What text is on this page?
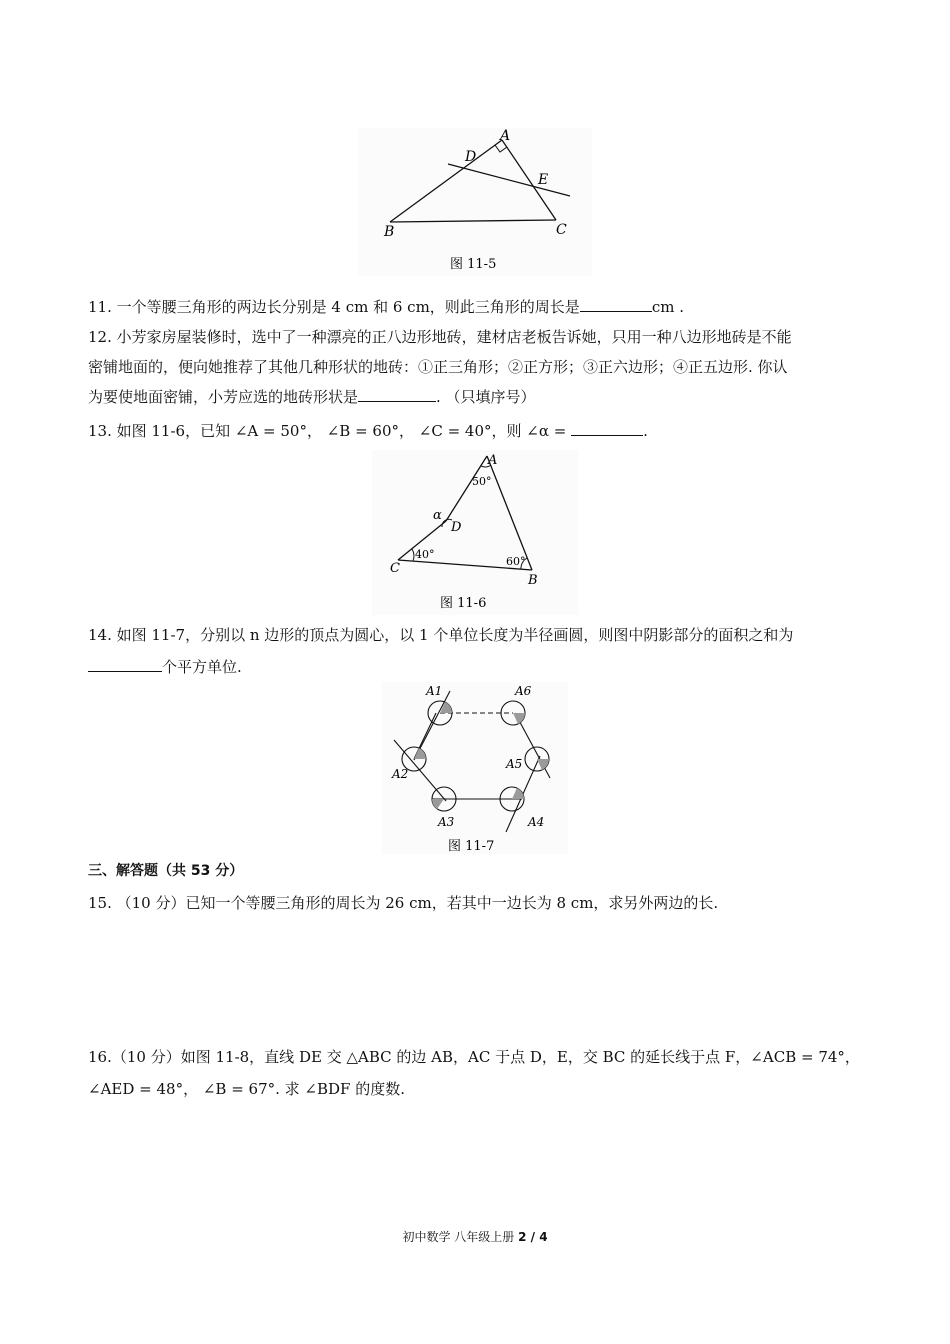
A
B	C
D
E
图 11-5
11. 一个等腰三角形的两边长分别是 4 cm 和 6 cm，则此三角形的周长是	cm .
12. 小芳家房屋装修时，选中了一种漂亮的正八边形地砖，建材店老板告诉她，只用一种八边形地砖是不能
密铺地面的，便向她推荐了其他几种形状的地砖：①正三角形；②正方形；③正六边形；④正五边形. 你认
为要使地面密铺，小芳应选的地砖形状是	. （只填序号）
13. 如图 11-6，已知 ∠A = 50°， ∠B = 60°， ∠C = 40°，则 ∠α =	.
A
B
C
D
α
50°
60°
40°
图 11-6
14. 如图 11-7，分别以 n 边形的顶点为圆心，以 1 个单位长度为半径画圆，则图中阴影部分的面积之和为
个平方单位.
A1	A6
A2
A5
A3	A4
图 11-7
三、解答题（共 53 分）
15. （10 分）已知一个等腰三角形的周长为 26 cm，若其中一边长为 8 cm，求另外两边的长.
16.（10 分）如图 11-8，直线 DE 交 △ABC 的边 AB，AC 于点 D，E，交 BC 的延长线于点 F，∠ACB = 74°，
∠AED = 48°， ∠B = 67°. 求 ∠BDF 的度数.
初中数学 八年级上册 2 / 4
